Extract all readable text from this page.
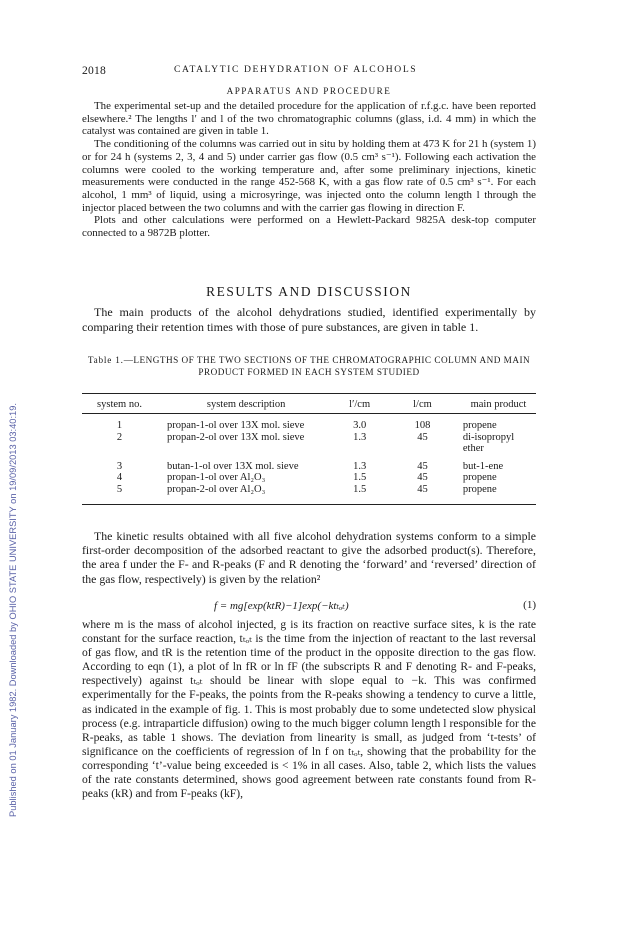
Published on 01 January 1982. Downloaded by OHIO STATE UNIVERSITY on 19/09/2013 03:40:19.
2018	CATALYTIC DEHYDRATION OF ALCOHOLS
APPARATUS AND PROCEDURE

The experimental set-up and the detailed procedure for the application of r.f.g.c. have been reported elsewhere.² The lengths l′ and l of the two chromatographic columns (glass, i.d. 4 mm) in which the catalyst was contained are given in table 1.

The conditioning of the columns was carried out in situ by holding them at 473 K for 21 h (system 1) or for 24 h (systems 2, 3, 4 and 5) under carrier gas flow (0.5 cm³ s⁻¹). Following each activation the columns were cooled to the working temperature and, after some preliminary injections, kinetic measurements were conducted in the range 452-568 K, with a gas flow rate of 0.5 cm³ s⁻¹. For each alcohol, 1 mm³ of liquid, using a microsyringe, was injected onto the column length l through the injector placed between the two columns and with the carrier gas flowing in direction F.

Plots and other calculations were performed on a Hewlett-Packard 9825A desk-top computer connected to a 9872B plotter.

RESULTS AND DISCUSSION

The main products of the alcohol dehydrations studied, identified experimentally by comparing their retention times with those of pure substances, are given in table 1.

Table 1.—LENGTHS OF THE TWO SECTIONS OF THE CHROMATOGRAPHIC COLUMN AND MAIN PRODUCT FORMED IN EACH SYSTEM STUDIED
system no.	system description	l′/cm	l/cm	main product
1	propan-1-ol over 13X mol. sieve	3.0	108	propene
2	propan-2-ol over 13X mol. sieve	1.3	45	di-isopropyl ether
3	butan-1-ol over 13X mol. sieve	1.3	45	but-1-ene
4	propan-1-ol over Al₂O₃	1.5	45	propene
5	propan-2-ol over Al₂O₃	1.5	45	propene

The kinetic results obtained with all five alcohol dehydration systems conform to a simple first-order decomposition of the adsorbed reactant to give the adsorbed product(s). Therefore, the area f under the F- and R-peaks (F and R denoting the ‘forward’ and ‘reversed’ direction of the gas flow, respectively) is given by the relation²

f = mg[exp(ktR)−1]exp(−ktₜₒₜ)	(1)

where m is the mass of alcohol injected, g is its fraction on reactive surface sites, k is the rate constant for the surface reaction, tₜₒₜ is the time from the injection of reactant to the last reversal of gas flow, and tR is the retention time of the product in the opposite direction to the gas flow. According to eqn (1), a plot of ln fR or ln fF (the subscripts R and F denoting R- and F-peaks, respectively) against tₜₒₜ should be linear with slope equal to −k. This was confirmed experimentally for the F-peaks, the points from the R-peaks showing a tendency to curve a little, as indicated in the example of fig. 1. This is most probably due to some undetected slow physical process (e.g. intraparticle diffusion) owing to the much bigger column length l responsible for the R-peaks, as table 1 shows. The deviation from linearity is small, as judged from ‘t-tests’ of significance on the coefficients of regression of ln f on tₜₒₜ, showing that the probability for the corresponding ‘t’-value being exceeded is < 1% in all cases. Also, table 2, which lists the values of the rate constants determined, shows good agreement between rate constants found from R-peaks (kR) and from F-peaks (kF),
